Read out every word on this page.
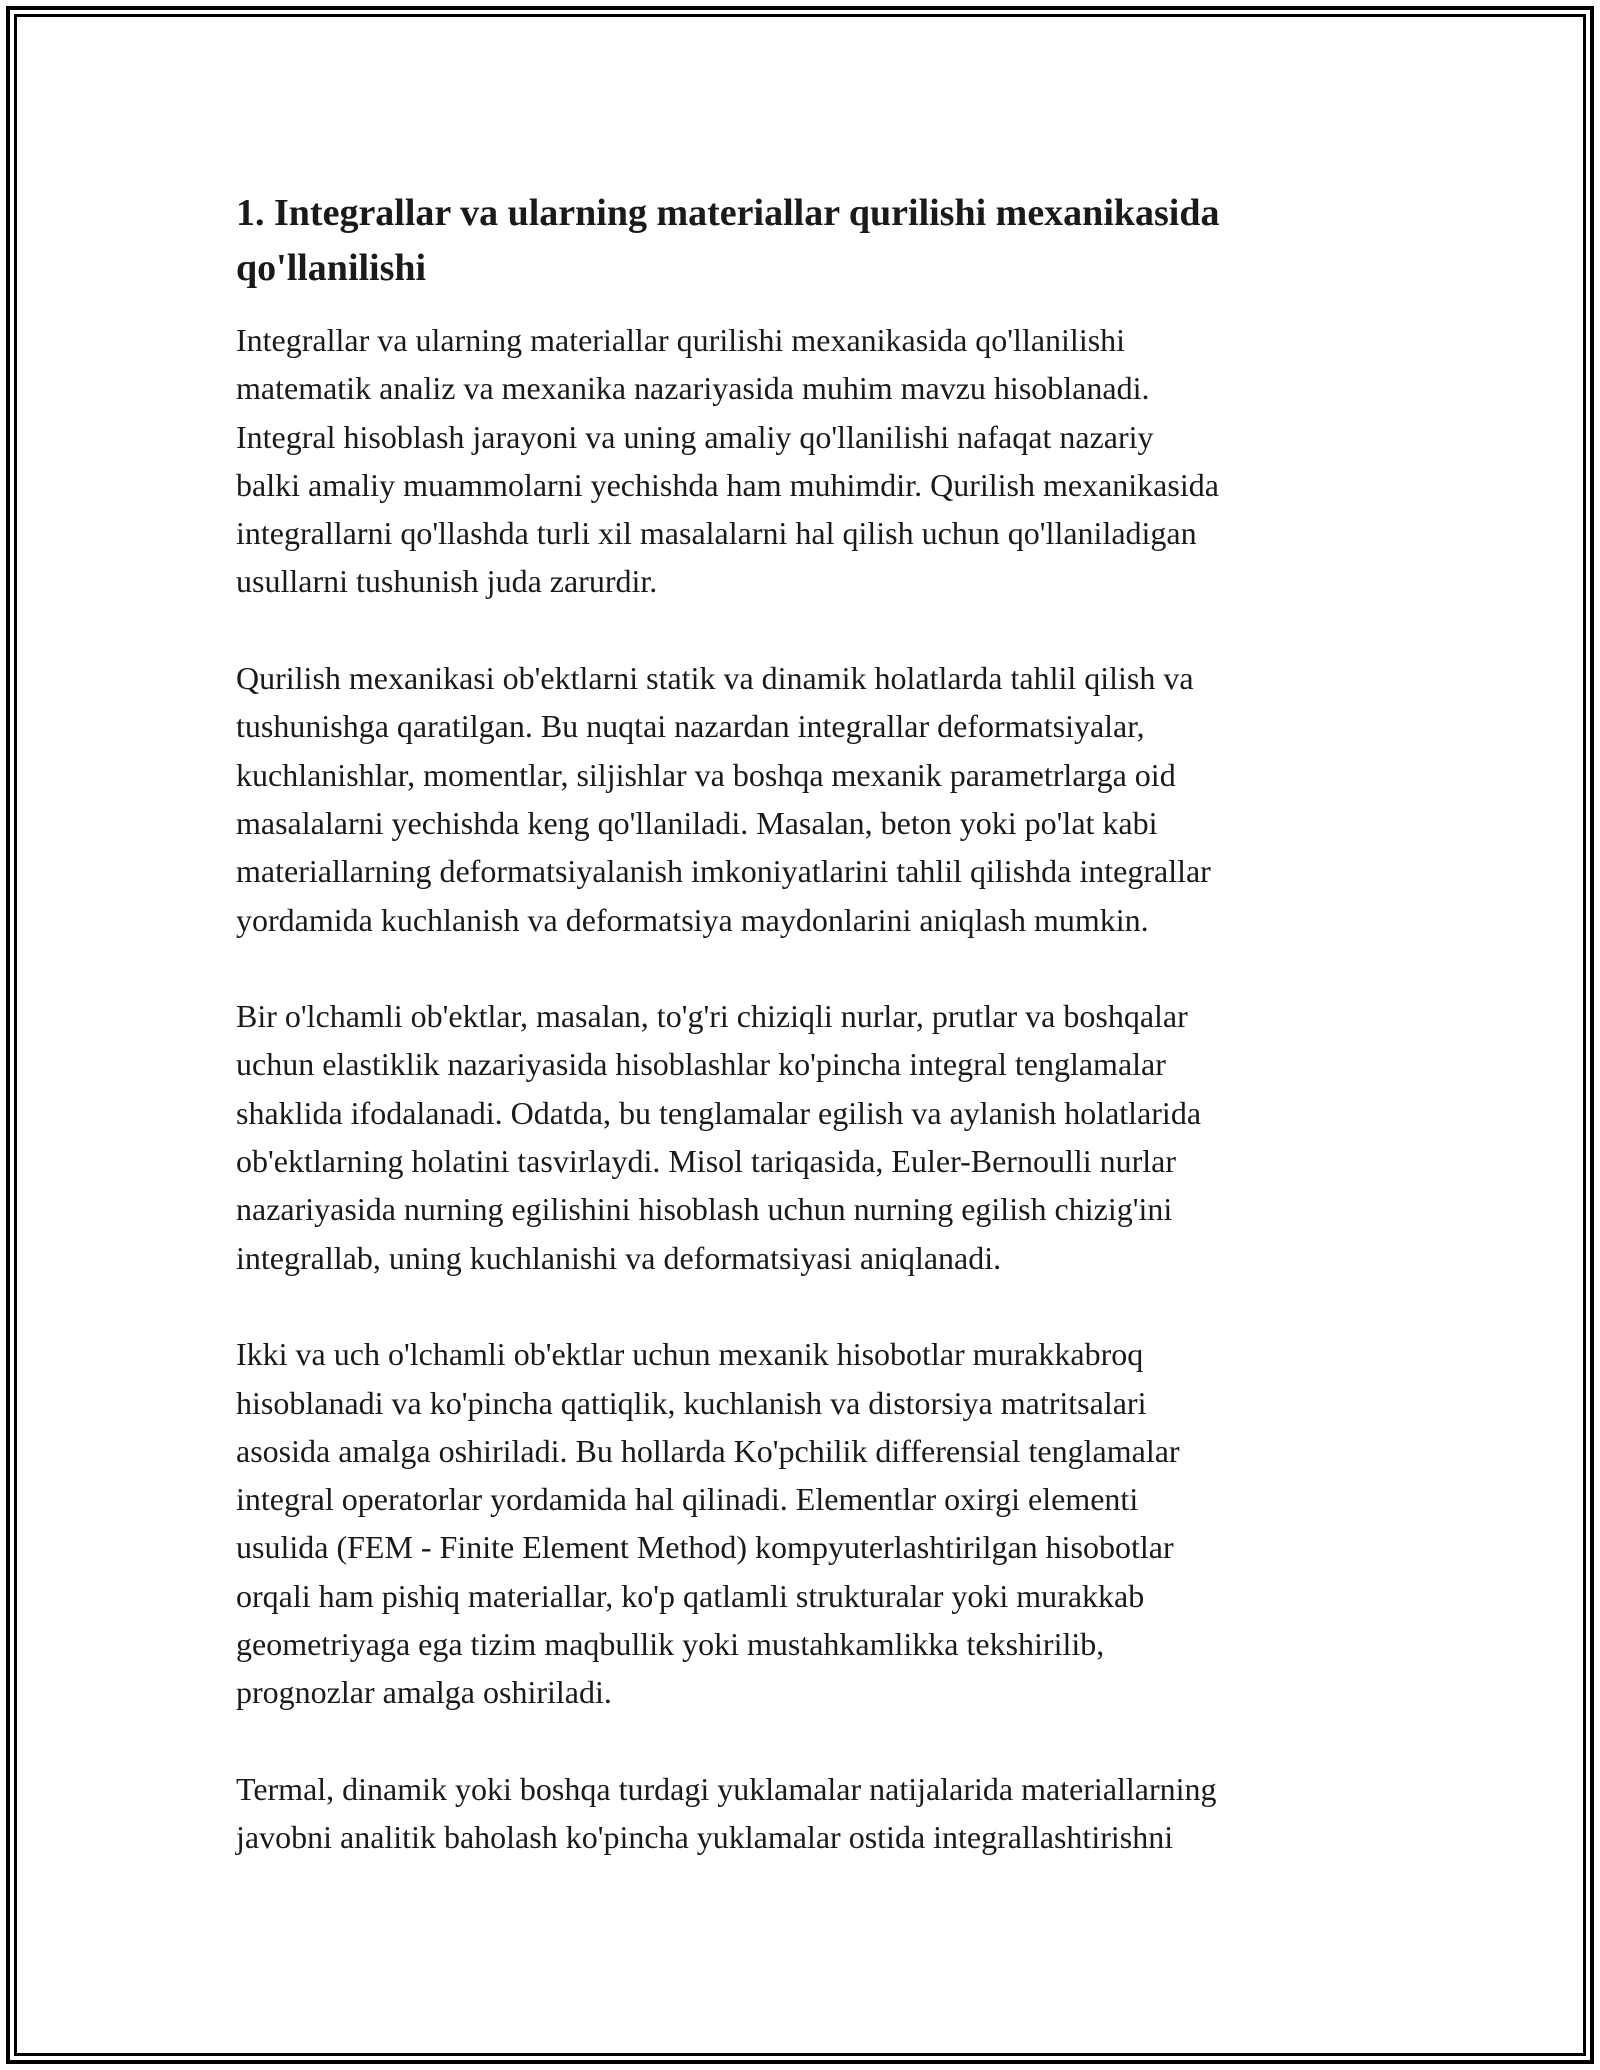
1. Integrallar va ularning materiallar qurilishi mexanikasida
qo'llanilishi

Integrallar va ularning materiallar qurilishi mexanikasida qo'llanilishi
matematik analiz va mexanika nazariyasida muhim mavzu hisoblanadi.
Integral hisoblash jarayoni va uning amaliy qo'llanilishi nafaqat nazariy
balki amaliy muammolarni yechishda ham muhimdir. Qurilish mexanikasida
integrallarni qo'llashda turli xil masalalarni hal qilish uchun qo'llaniladigan
usullarni tushunish juda zarurdir.

Qurilish mexanikasi ob'ektlarni statik va dinamik holatlarda tahlil qilish va
tushunishga qaratilgan. Bu nuqtai nazardan integrallar deformatsiyalar,
kuchlanishlar, momentlar, siljishlar va boshqa mexanik parametrlarga oid
masalalarni yechishda keng qo'llaniladi. Masalan, beton yoki po'lat kabi
materiallarning deformatsiyalanish imkoniyatlarini tahlil qilishda integrallar
yordamida kuchlanish va deformatsiya maydonlarini aniqlash mumkin.

Bir o'lchamli ob'ektlar, masalan, to'g'ri chiziqli nurlar, prutlar va boshqalar
uchun elastiklik nazariyasida hisoblashlar ko'pincha integral tenglamalar
shaklida ifodalanadi. Odatda, bu tenglamalar egilish va aylanish holatlarida
ob'ektlarning holatini tasvirlaydi. Misol tariqasida, Euler-Bernoulli nurlar
nazariyasida nurning egilishini hisoblash uchun nurning egilish chizig'ini
integrallab, uning kuchlanishi va deformatsiyasi aniqlanadi.

Ikki va uch o'lchamli ob'ektlar uchun mexanik hisobotlar murakkabroq
hisoblanadi va ko'pincha qattiqlik, kuchlanish va distorsiya matritsalari
asosida amalga oshiriladi. Bu hollarda Ko'pchilik differensial tenglamalar
integral operatorlar yordamida hal qilinadi. Elementlar oxirgi elementi
usulida (FEM - Finite Element Method) kompyuterlashtirilgan hisobotlar
orqali ham pishiq materiallar, ko'p qatlamli strukturalar yoki murakkab
geometriyaga ega tizim maqbullik yoki mustahkamlikka tekshirilib,
prognozlar amalga oshiriladi.

Termal, dinamik yoki boshqa turdagi yuklamalar natijalarida materiallarning
javobni analitik baholash ko'pincha yuklamalar ostida integrallashtirishni
